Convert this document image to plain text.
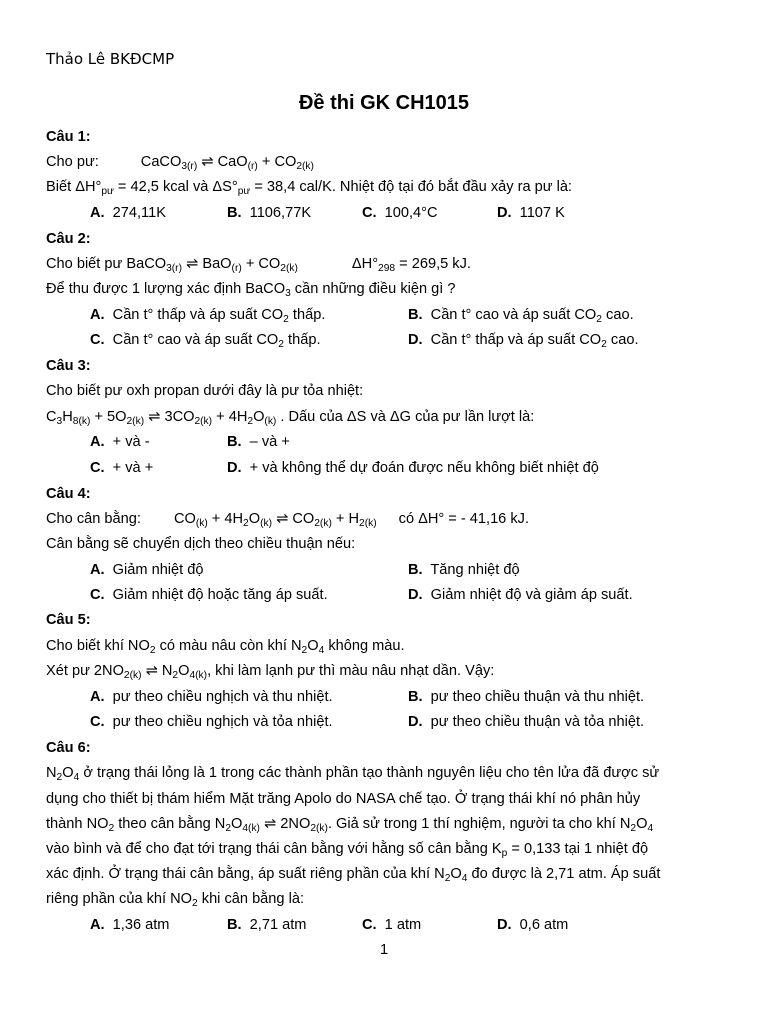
Thảo Lê BKĐCMP
Đề thi GK CH1015
Câu 1:
Cho pư:	CaCO$_{3(r)}$ ⇌ $CaO_{(r)} + CO_{2(k)}$
Biết $\Delta H^\circ_{pư} = 42,5$ kcal và $\Delta S^\circ_{pư} = 38,4$ cal/K. Nhiệt độ tại đó bắt đầu xảy ra pư là:
A. 274,11K	B. 1106,77K	C. 100,4°C	D. 1107 K
Câu 2:
Cho biết pư BaCO$_{3(r)}$ ⇌ $BaO_{(r)} + CO_{2(k)}$	$\Delta H^\circ_{298} = 269,5$ kJ.
Để thu được 1 lượng xác định BaCO$_3$ cần những điều kiện gì ?
A. Cần t° thấp và áp suất $CO_2$ thấp.	B. Cần t° cao và áp suất $CO_2$ cao.
C. Cần t° cao và áp suất $CO_2$ thấp.	D. Cần t° thấp và áp suất $CO_2$ cao.
Câu 3:
Cho biết pư oxh propan dưới đây là pư tỏa nhiệt:
$C_3H_{8(k)} + 5O_{2(k)}$ ⇌ $3CO_{2(k)} + 4H_2O_{(k)}$ . Dấu của ΔS và ΔG của pư lần lượt là:
A. + và -	B. – và +
C. + và +	D. + và không thể dự đoán được nếu không biết nhiệt độ
Câu 4:
Cho cân bằng: $CO_{(k)} + 4H_2O_{(k)}$ ⇌ $CO_{2(k)} + H_{2(k)}$ có ΔH° = - 41,16 kJ.
Cân bằng sẽ chuyển dịch theo chiều thuận nếu:
A. Giảm nhiệt độ	B. Tăng nhiệt độ
C. Giảm nhiệt độ hoặc tăng áp suất.	D. Giảm nhiệt độ và giảm áp suất.
Câu 5:
Cho biết khí $NO_2$ có màu nâu còn khí $N_2O_4$ không màu.
Xét pư $2NO_{2(k)}$ ⇌ $N_2O_{4(k)}$, khi làm lạnh pư thì màu nâu nhạt dần. Vậy:
A. pư theo chiều nghịch và thu nhiệt.	B. pư theo chiều thuận và thu nhiệt.
C. pư theo chiều nghịch và tỏa nhiệt.	D. pư theo chiều thuận và tỏa nhiệt.
Câu 6:
$N_2O_4$ ở trạng thái lỏng là 1 trong các thành phần tạo thành nguyên liệu cho tên lửa đã được sử
dụng cho thiết bị thám hiểm Mặt trăng Apolo do NASA chế tạo. Ở trạng thái khí nó phân hủy
thành $NO_2$ theo cân bằng $N_2O_{4(k)}$ ⇌ $2NO_{2(k)}$. Giả sử trong 1 thí nghiệm, người ta cho khí $N_2O_4$
vào bình và để cho đạt tới trạng thái cân bằng với hằng số cân bằng $K_p = 0,133$ tại 1 nhiệt độ
xác định. Ở trạng thái cân bằng, áp suất riêng phần của khí $N_2O_4$ đo được là 2,71 atm. Áp suất
riêng phần của khí $NO_2$ khi cân bằng là:
A. 1,36 atm	B. 2,71 atm	C. 1 atm	D. 0,6 atm
1
